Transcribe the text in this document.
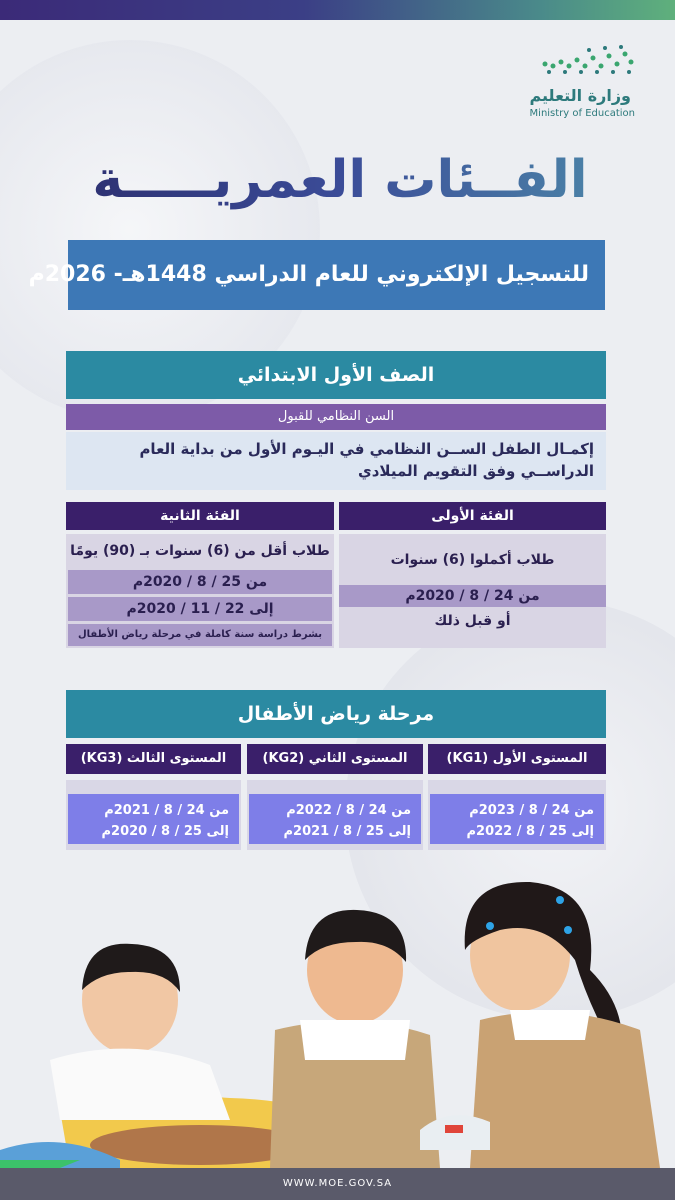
وزارة التعليم
Ministry of Education
الفــئات العمريـــــة
للتسجيل الإلكتروني للعام الدراسي 1448هـ- 2026م
الصف الأول الابتدائي
السن النظامي للقبول
إكمـال الطفل الســن النظامي في اليـوم الأول من بداية العام الدراســي وفق التقويم الميلادي
الفئة الثانية
طلاب أقل من (6) سنوات بـ (90) يومًا
من 25 / 8 / 2020م
إلى 22 / 11 / 2020م
بشرط دراسة سنة كاملة في مرحلة رياض الأطفال
الفئة الأولى
طلاب أكملوا (6) سنوات
من 24 / 8 / 2020م
أو قبل ذلك
مرحلة رياض الأطفال
المستوى الثالث (KG3)
من 24 / 8 / 2021م
إلى 25 / 8 / 2020م
المستوى الثاني (KG2)
من 24 / 8 / 2022م
إلى 25 / 8 / 2021م
المستوى الأول (KG1)
من 24 / 8 / 2023م
إلى 25 / 8 / 2022م
WWW.MOE.GOV.SA
